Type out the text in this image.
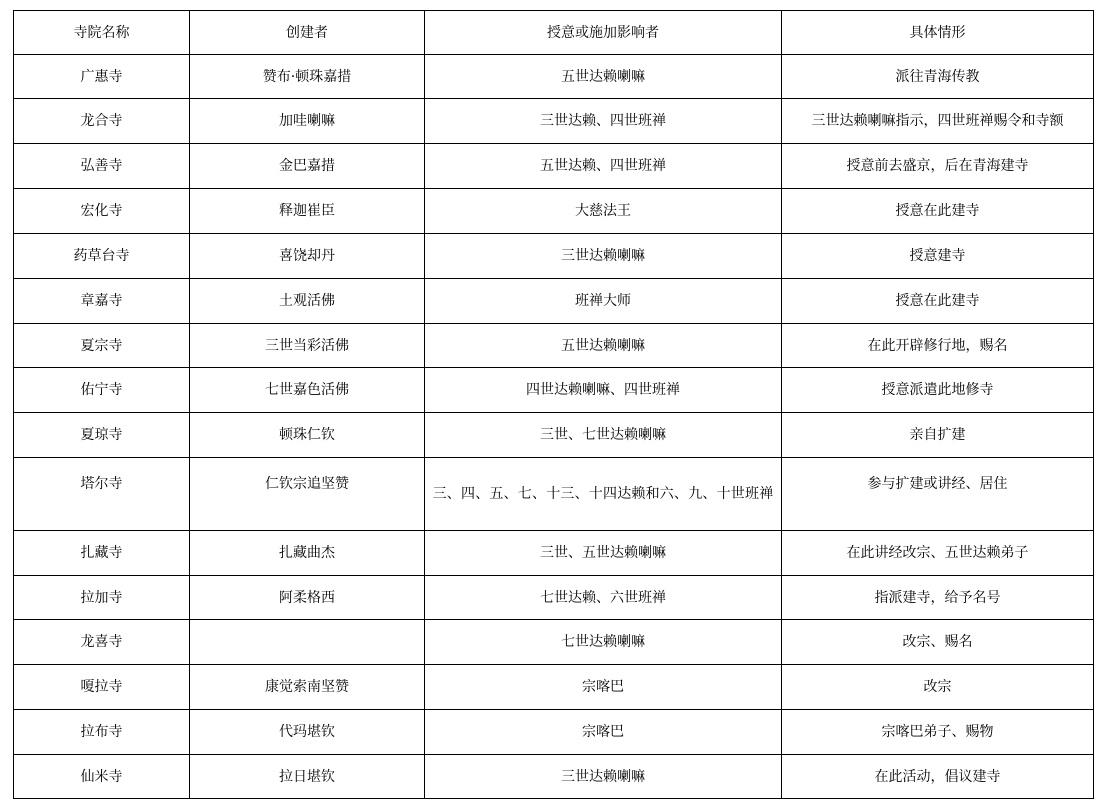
寺院名称	创建者	授意或施加影响者	具体情形
广惠寺	赞布·顿珠嘉措	五世达赖喇嘛	派往青海传教
龙合寺	加哇喇嘛	三世达赖、四世班禅	三世达赖喇嘛指示，四世班禅赐令和寺额
弘善寺	金巴嘉措	五世达赖、四世班禅	授意前去盛京，后在青海建寺
宏化寺	释迦崔臣	大慈法王	授意在此建寺
药草台寺	喜饶却丹	三世达赖喇嘛	授意建寺
章嘉寺	土观活佛	班禅大师	授意在此建寺
夏宗寺	三世当彩活佛	五世达赖喇嘛	在此开辟修行地，赐名
佑宁寺	七世嘉色活佛	四世达赖喇嘛、四世班禅	授意派遣此地修寺
夏琼寺	顿珠仁钦	三世、七世达赖喇嘛	亲自扩建
塔尔寺	仁钦宗追坚赞	三、四、五、七、十三、十四达赖和六、九、十世班禅	参与扩建或讲经、居住
扎藏寺	扎藏曲杰	三世、五世达赖喇嘛	在此讲经改宗、五世达赖弟子
拉加寺	阿柔格西	七世达赖、六世班禅	指派建寺，给予名号
龙喜寺		七世达赖喇嘛	改宗、赐名
嗄拉寺	康觉索南坚赞	宗喀巴	改宗
拉布寺	代玛堪钦	宗喀巴	宗喀巴弟子、赐物
仙米寺	拉日堪钦	三世达赖喇嘛	在此活动，倡议建寺
